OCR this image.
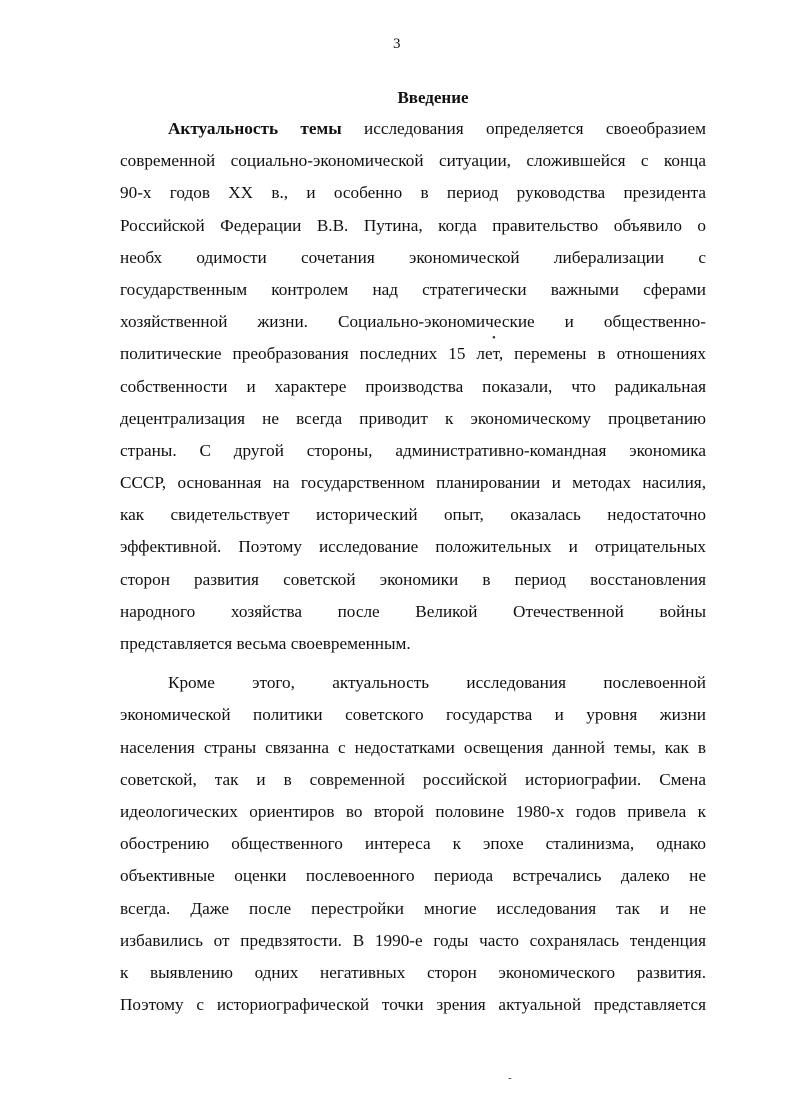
3
Введение
Актуальность темы исследования определяется своеобразием
современной социально-экономической ситуации, сложившейся с конца
90-х годов XX в., и особенно в период руководства президента
Российской Федерации В.В. Путина, когда правительство объявило о
необх одимости сочетания экономической либерализации с
государственным контролем над стратегически важными сферами
хозяйственной жизни. Социально-экономические и общественно-
политические преобразования последних 15 лет, перемены в отношениях
собственности и характере производства показали, что радикальная
децентрализация не всегда приводит к экономическому процветанию
страны. С другой стороны, административно-командная экономика
СССР, основанная на государственном планировании и методах насилия,
как свидетельствует исторический опыт, оказалась недостаточно
эффективной. Поэтому исследование положительных и отрицательных
сторон развития советской экономики в период восстановления
народного хозяйства после Великой Отечественной войны
представляется весьма своевременным.
Кроме этого, актуальность исследования послевоенной
экономической политики советского государства и уровня жизни
населения страны связанна с недостатками освещения данной темы, как в
советской, так и в современной российской историографии. Смена
идеологических ориентиров во второй половине 1980-х годов привела к
обострению общественного интереса к эпохе сталинизма, однако
объективные оценки послевоенного периода встречались далеко не
всегда. Даже после перестройки многие исследования так и не
избавились от предвзятости. В 1990-е годы часто сохранялась тенденция
к выявлению одних негативных сторон экономического развития.
Поэтому с историографической точки зрения актуальной представляется
•
-
